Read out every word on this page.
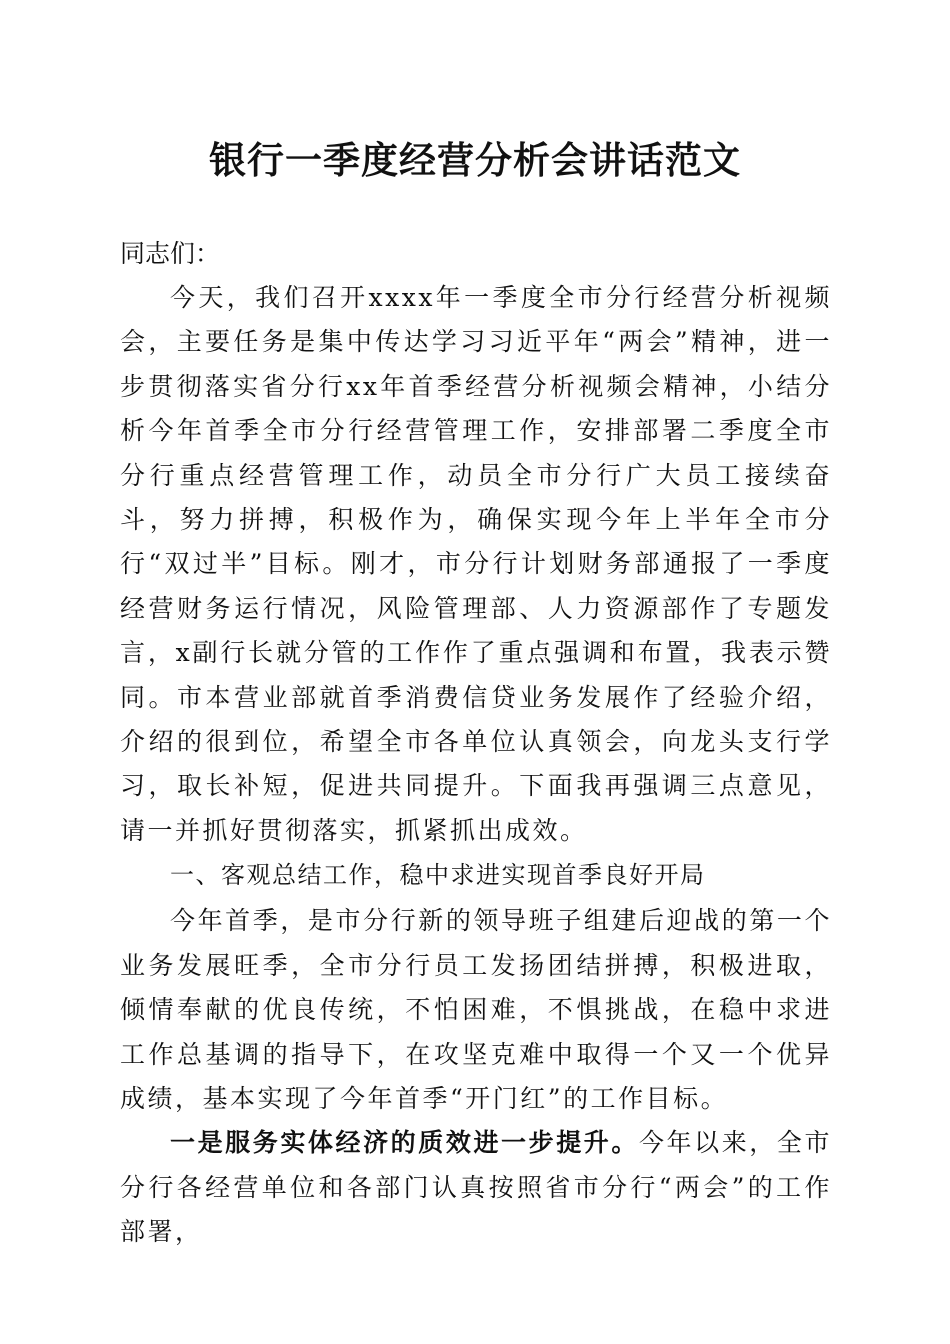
银行一季度经营分析会讲话范文

同志们：

今天，我们召开xxxx年一季度全市分行经营分析视频会，主要任务是集中传达学习习近平年“两会”精神，进一步贯彻落实省分行xx年首季经营分析视频会精神，小结分析今年首季全市分行经营管理工作，安排部署二季度全市分行重点经营管理工作，动员全市分行广大员工接续奋斗，努力拼搏，积极作为，确保实现今年上半年全市分行“双过半”目标。刚才，市分行计划财务部通报了一季度经营财务运行情况，风险管理部、人力资源部作了专题发言，x副行长就分管的工作作了重点强调和布置，我表示赞同。市本营业部就首季消费信贷业务发展作了经验介绍，介绍的很到位，希望全市各单位认真领会，向龙头支行学习，取长补短，促进共同提升。下面我再强调三点意见，请一并抓好贯彻落实，抓紧抓出成效。

一、客观总结工作，稳中求进实现首季良好开局

今年首季，是市分行新的领导班子组建后迎战的第一个业务发展旺季，全市分行员工发扬团结拼搏，积极进取，倾情奉献的优良传统，不怕困难，不惧挑战，在稳中求进工作总基调的指导下，在攻坚克难中取得一个又一个优异成绩，基本实现了今年首季“开门红”的工作目标。

一是服务实体经济的质效进一步提升。今年以来，全市分行各经营单位和各部门认真按照省市分行“两会”的工作部署，
